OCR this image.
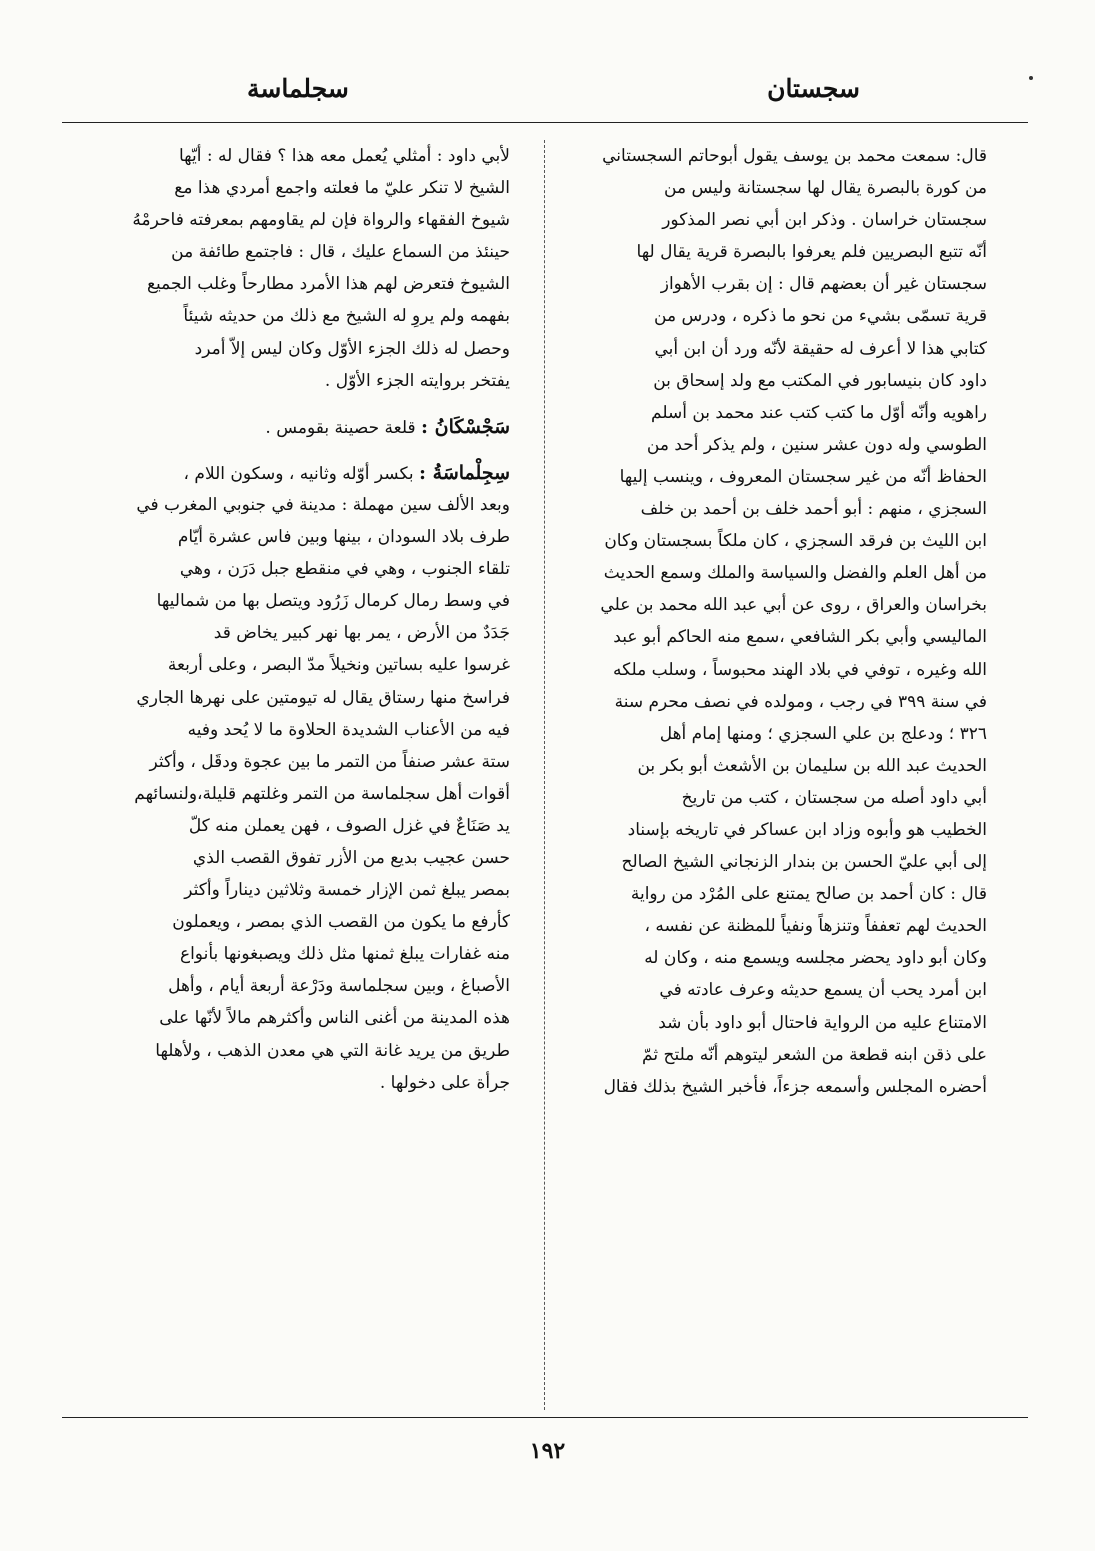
سجستان
سجلماسة
قال: سمعت محمد بن يوسف يقول أبوحاتم السجستاني
من كورة بالبصرة يقال لها سجستانة وليس من
سجستان خراسان . وذكر ابن أبي نصر المذكور
أنّه تتبع البصريين فلم يعرفوا بالبصرة قرية يقال لها
سجستان غير أن بعضهم قال : إن بقرب الأهواز
قرية تسمّى بشيء من نحو ما ذكره ، ودرس من
كتابي هذا لا أعرف له حقيقة لأنّه ورد أن ابن أبي
داود كان بنيسابور في المكتب مع ولد إسحاق بن
راهويه وأنّه أوّل ما كتب كتب عند محمد بن أسلم
الطوسي وله دون عشر سنين ، ولم يذكر أحد من
الحفاظ أنّه من غير سجستان المعروف ، وينسب إليها
السجزي ، منهم : أبو أحمد خلف بن أحمد بن خلف
ابن الليث بن فرقد السجزي ، كان ملكاً بسجستان وكان
من أهل العلم والفضل والسياسة والملك وسمع الحديث
بخراسان والعراق ، روى عن أبي عبد الله محمد بن علي
الماليسي وأبي بكر الشافعي ،سمع منه الحاكم أبو عبد
الله وغيره ، توفي في بلاد الهند محبوساً ، وسلب ملكه
في سنة ٣٩٩ في رجب ، ومولده في نصف محرم سنة
٣٢٦ ؛ ودعلج بن علي السجزي ؛ ومنها إمام أهل
الحديث عبد الله بن سليمان بن الأشعث أبو بكر بن
أبي داود أصله من سجستان ، كتب من تاريخ
الخطيب هو وأبوه وزاد ابن عساكر في تاريخه بإسناد
إلى أبي عليّ الحسن بن بندار الزنجاني الشيخ الصالح
قال : كان أحمد بن صالح يمتنع على المُرْد من رواية
الحديث لهم تعففاً وتنزهاً ونفياً للمظنة عن نفسه ،
وكان أبو داود يحضر مجلسه ويسمع منه ، وكان له
ابن أمرد يحب أن يسمع حديثه وعرف عادته في
الامتناع عليه من الرواية فاحتال أبو داود بأن شد
على ذقن ابنه قطعة من الشعر ليتوهم أنّه ملتح ثمّ
أحضره المجلس وأسمعه جزءاً، فأخبر الشيخ بذلك فقال
لأبي داود : أمثلي يُعمل معه هذا ؟ فقال له : أيّها
الشيخ لا تنكر عليّ ما فعلته واجمع أمردي هذا مع
شيوخ الفقهاء والرواة فإن لم يقاومهم بمعرفته فاحرمْهُ
حينئذ من السماع عليك ، قال : فاجتمع طائفة من
الشيوخ فتعرض لهم هذا الأمرد مطارحاً وغلب الجميع
بفهمه ولم يروِ له الشيخ مع ذلك من حديثه شيئاً
وحصل له ذلك الجزء الأوّل وكان ليس إلاّ أمرد
يفتخر بروايته الجزء الأوّل .
سَجْسْكَانُ : قلعة حصينة بقومس .
سِجِلْماسَةُ : بكسر أوّله وثانيه ، وسكون اللام ،
وبعد الألف سين مهملة : مدينة في جنوبي المغرب في
طرف بلاد السودان ، بينها وبين فاس عشرة أيّام
تلقاء الجنوب ، وهي في منقطع جبل دَرَن ، وهي
في وسط رمال كرمال زَرُود ويتصل بها من شماليها
جَدَدٌ من الأرض ، يمر بها نهر كبير يخاض قد
غرسوا عليه بساتين ونخيلاً مدّ البصر ، وعلى أربعة
فراسخ منها رستاق يقال له تيومتين على نهرها الجاري
فيه من الأعناب الشديدة الحلاوة ما لا يُحد وفيه
ستة عشر صنفاً من التمر ما بين عجوة ودقَل ، وأكثر
أقوات أهل سجلماسة من التمر وغلتهم قليلة،ولنسائهم
يد صَنَاعٌ في غزل الصوف ، فهن يعملن منه كلّ
حسن عجيب بديع من الأزر تفوق القصب الذي
بمصر يبلغ ثمن الإزار خمسة وثلاثين ديناراً وأكثر
كأرفع ما يكون من القصب الذي بمصر ، ويعملون
منه غفارات يبلغ ثمنها مثل ذلك ويصبغونها بأنواع
الأصباغ ، وبين سجلماسة ودَرْعة أربعة أيام ، وأهل
هذه المدينة من أغنى الناس وأكثرهم مالاً لأنّها على
طريق من يريد غانة التي هي معدن الذهب ، ولأهلها
جرأة على دخولها .
١٩٢
